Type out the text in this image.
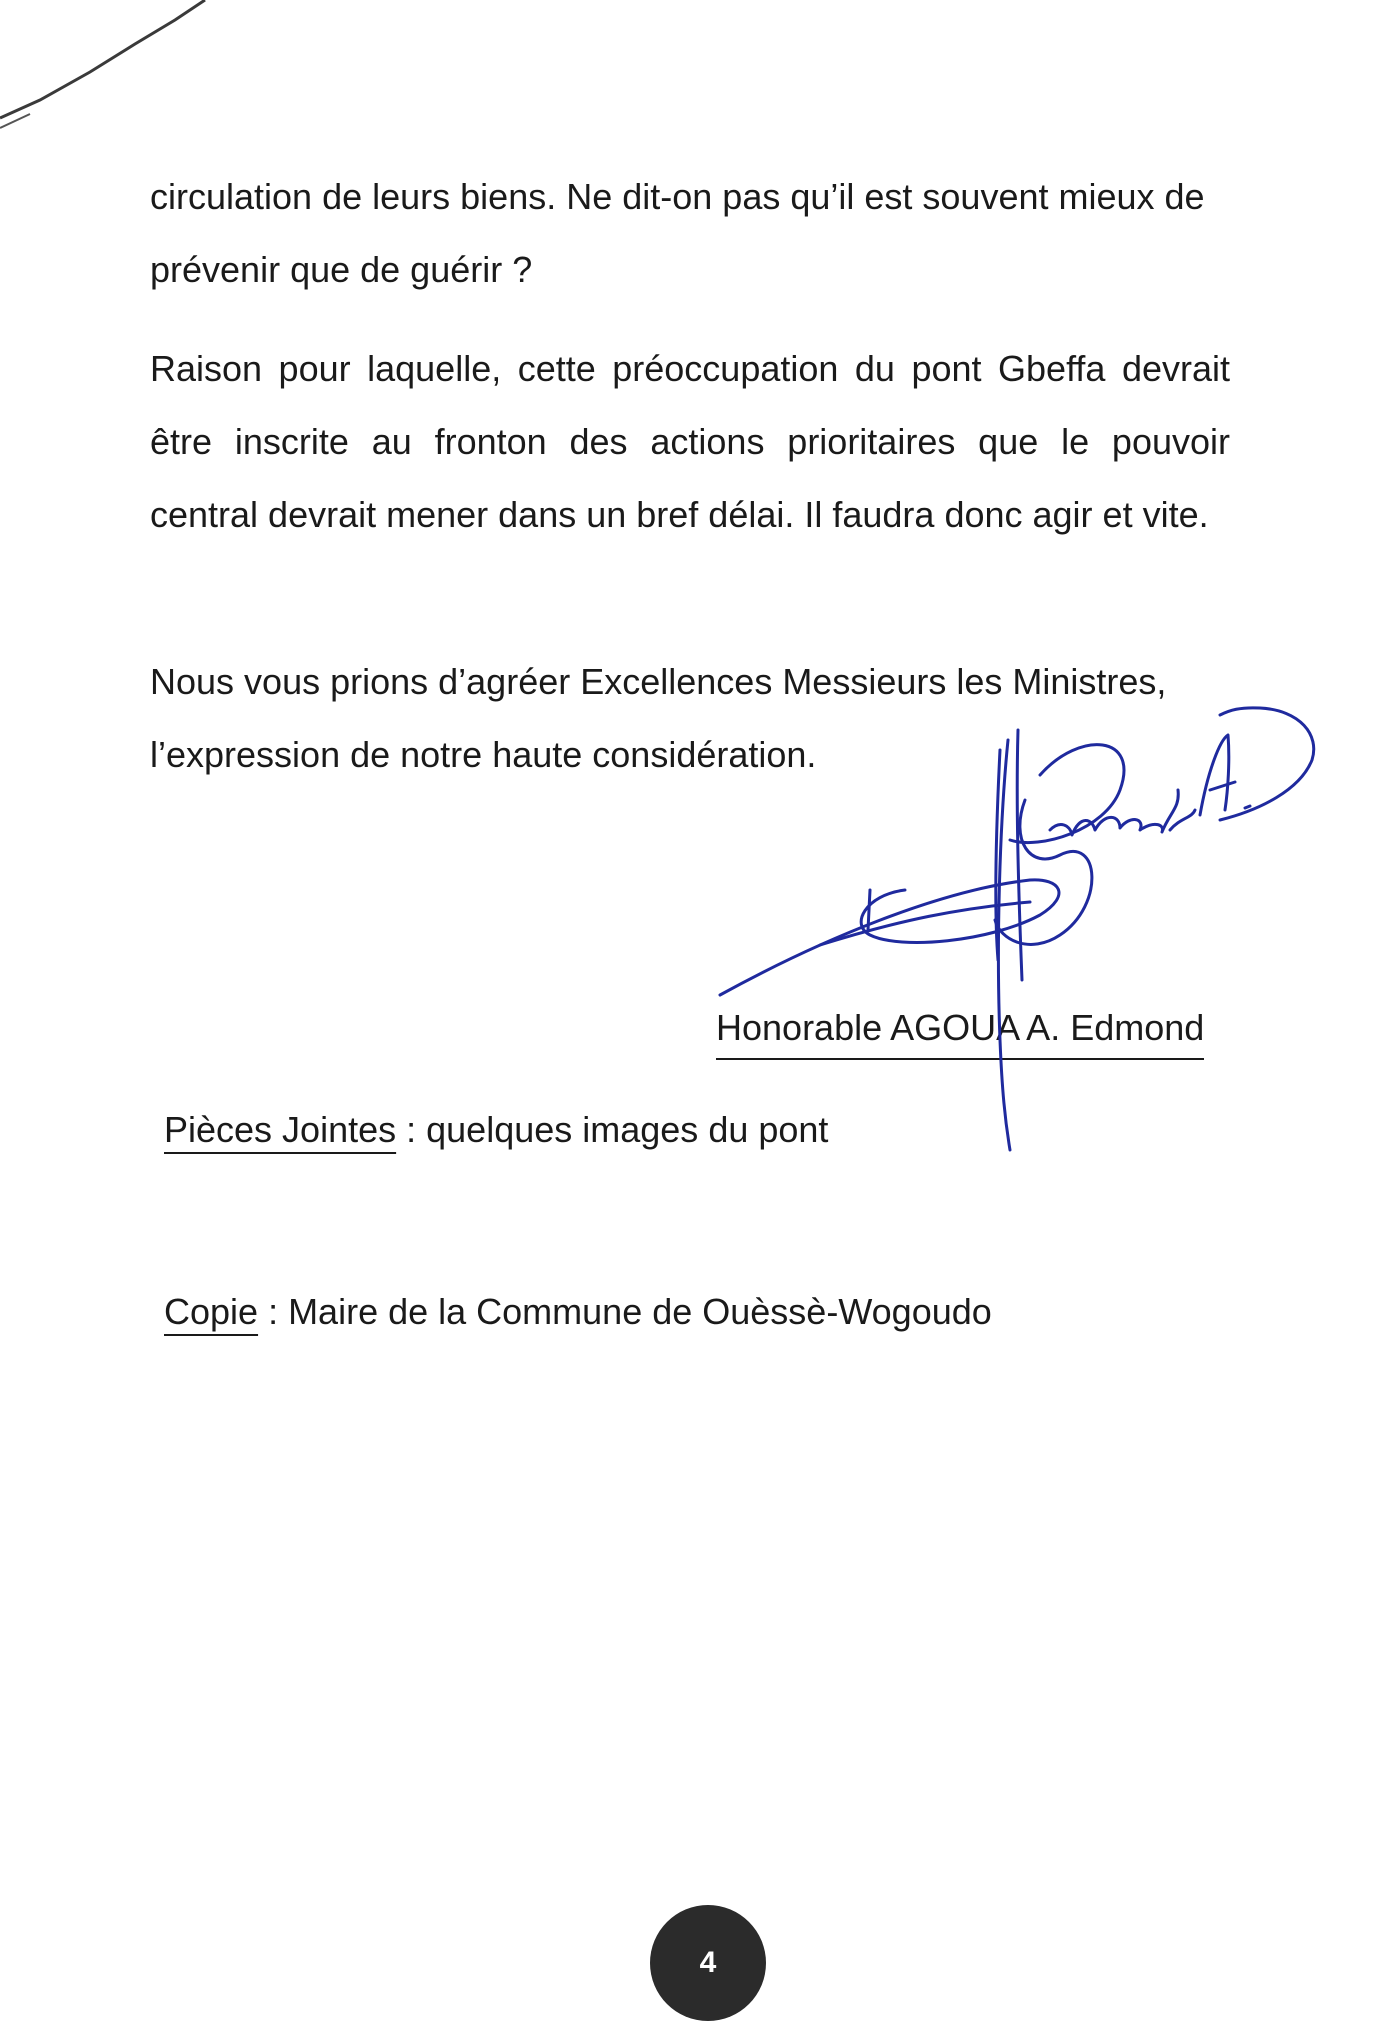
circulation de leurs biens. Ne dit-on pas qu’il est souvent mieux de prévenir que de guérir ?

Raison pour laquelle, cette préoccupation du pont Gbeffa devrait être inscrite au fronton des actions prioritaires que le pouvoir central devrait mener dans un bref délai. Il faudra donc agir et vite.

Nous vous prions d’agréer Excellences Messieurs les Ministres, l’expression de notre haute considération.

Honorable AGOUA A. Edmond
Pièces Jointes : quelques images du pont
Copie : Maire de la Commune de Ouèssè-Wogoudo
4
